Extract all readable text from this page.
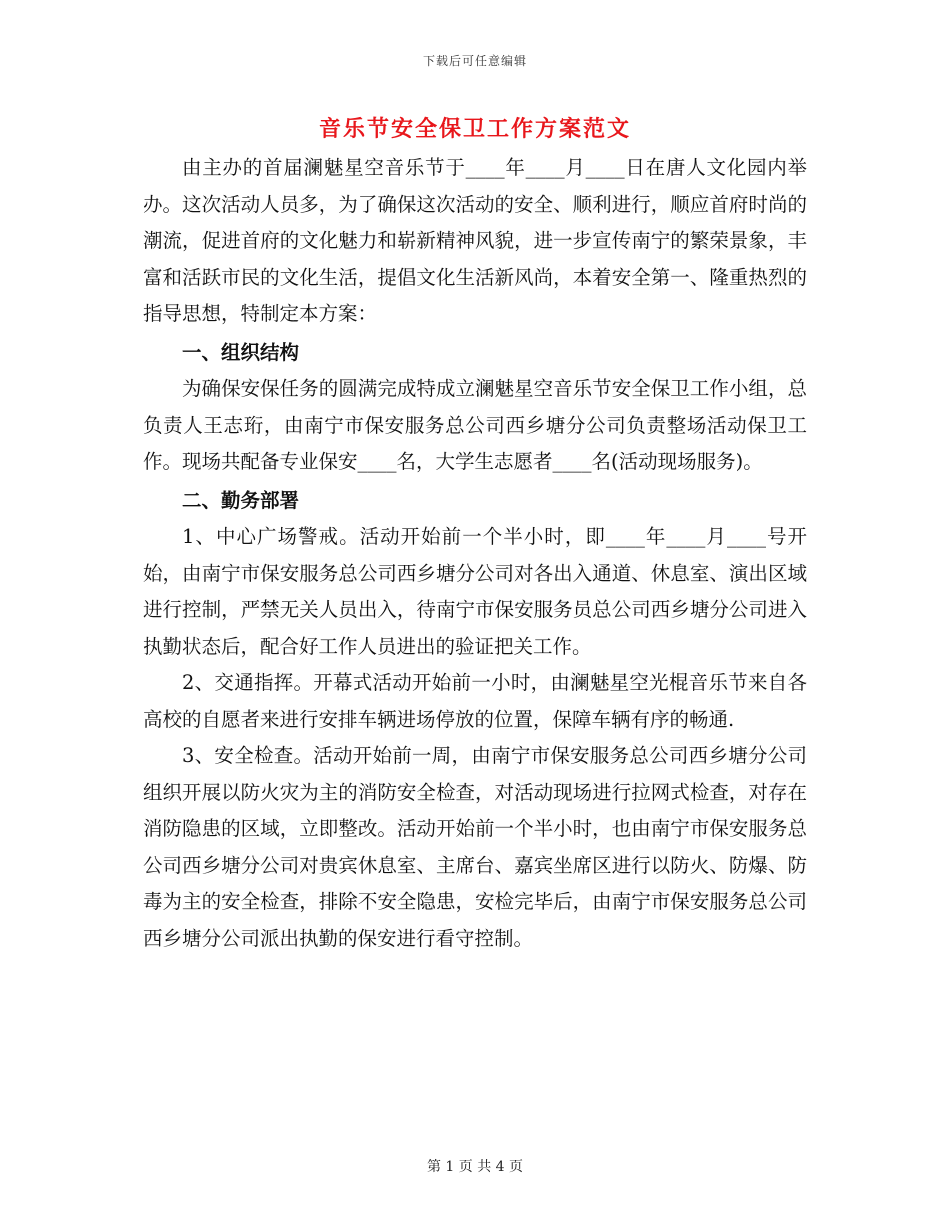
下载后可任意编辑
音乐节安全保卫工作方案范文

由主办的首届澜魅星空音乐节于____年____月____日在唐人文化园内举办。这次活动人员多，为了确保这次活动的安全、顺利进行，顺应首府时尚的潮流，促进首府的文化魅力和崭新精神风貌，进一步宣传南宁的繁荣景象，丰富和活跃市民的文化生活，提倡文化生活新风尚，本着安全第一、隆重热烈的指导思想，特制定本方案：

一、组织结构

为确保安保任务的圆满完成特成立澜魅星空音乐节安全保卫工作小组，总负责人王志珩，由南宁市保安服务总公司西乡塘分公司负责整场活动保卫工作。现场共配备专业保安____名，大学生志愿者____名(活动现场服务)。

二、勤务部署

1、中心广场警戒。活动开始前一个半小时，即____年____月____号开始，由南宁市保安服务总公司西乡塘分公司对各出入通道、休息室、演出区域进行控制，严禁无关人员出入，待南宁市保安服务员总公司西乡塘分公司进入执勤状态后，配合好工作人员进出的验证把关工作。

2、交通指挥。开幕式活动开始前一小时，由澜魅星空光棍音乐节来自各高校的自愿者来进行安排车辆进场停放的位置，保障车辆有序的畅通.

3、安全检查。活动开始前一周，由南宁市保安服务总公司西乡塘分公司组织开展以防火灾为主的消防安全检查，对活动现场进行拉网式检查，对存在消防隐患的区域，立即整改。活动开始前一个半小时，也由南宁市保安服务总公司西乡塘分公司对贵宾休息室、主席台、嘉宾坐席区进行以防火、防爆、防毒为主的安全检查，排除不安全隐患，安检完毕后，由南宁市保安服务总公司西乡塘分公司派出执勤的保安进行看守控制。

第 1 页 共 4 页
